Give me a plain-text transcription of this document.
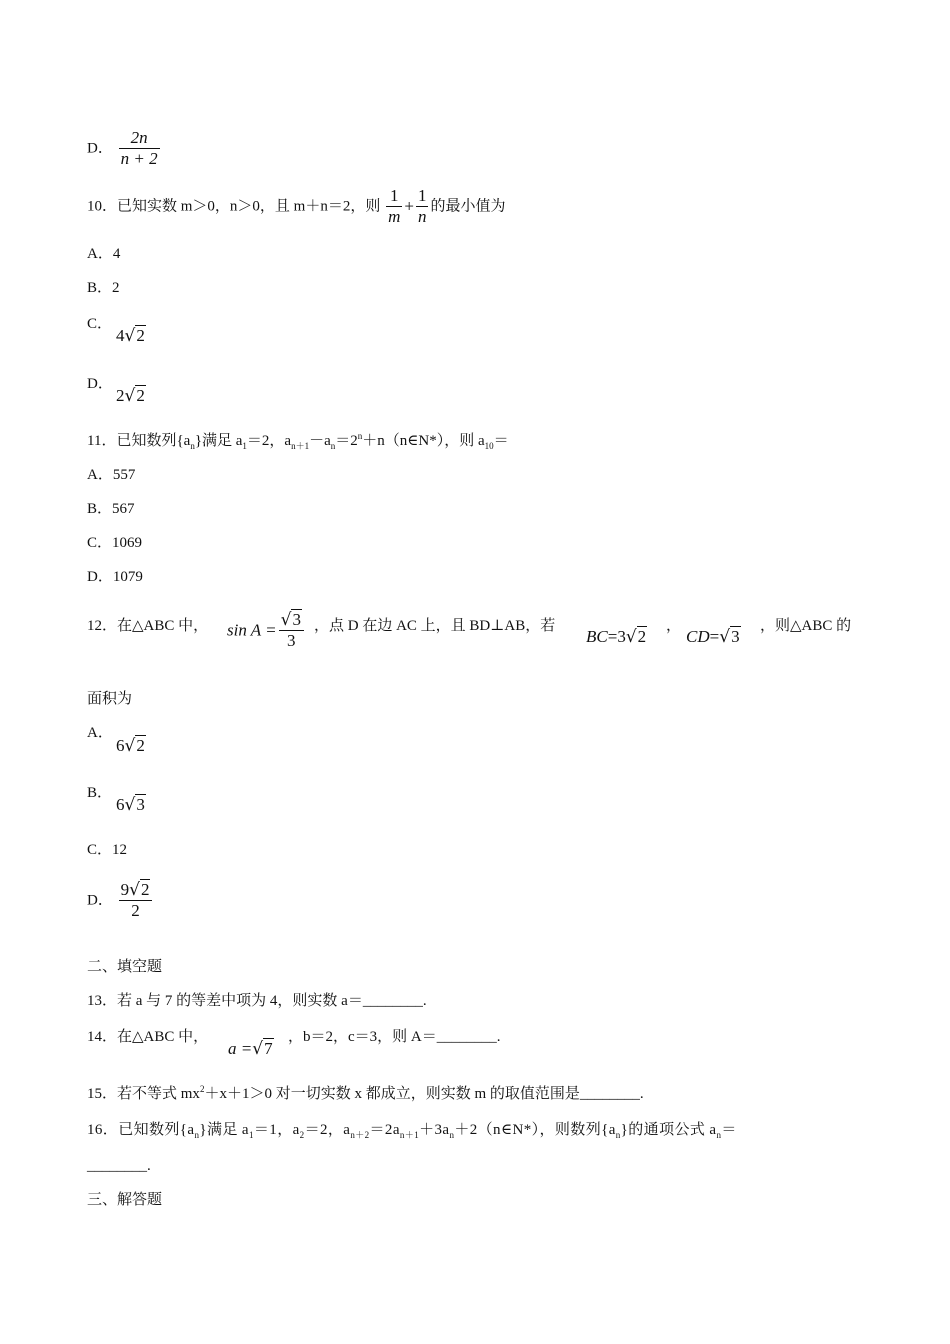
D． $\frac{2n}{n + 2}$
10．已知实数 m＞0，n＞0，且 m＋n＝2，则 $\frac{1}{m} + \frac{1}{n}$ 的最小值为
A．4
B．2
C．
4√2
D．
2√2
11．已知数列$\{a_n\}$满足 $a_1=2$，$a_{n+1}-a_n=2^n+n(n\in N*)$，则 $a_{10}=$
A．557
B．567
C．1069
D．1079
12．在△ABC 中， $\sin A = \frac{√3}{3}$ ，点 D 在边 AC 上，且 BD⊥AB，若
BC=3√2
，
CD=√3
，则△ABC 的
面积为
A．
6√2
B．
6√3
C．12
D． $\frac{9√2}{2}$
二、填空题
13．若 a 与 7 的等差中项为 4，则实数 a＝________.
14．在△ABC 中，
a =√7
，b＝2，c＝3，则 A＝________.
15．若不等式 $mx^2+x+1>0$ 对一切实数 x 都成立，则实数 m 的取值范围是________.
16．已知数列$\{a_n\}$满足 $a_1=1$，$a_2=2$，$a_{n+2}=2a_{n+1}+3a_n+2(n\in N*)$，则数列$\{a_n\}$的通项公式 $a_n=$
________.
三、解答题
